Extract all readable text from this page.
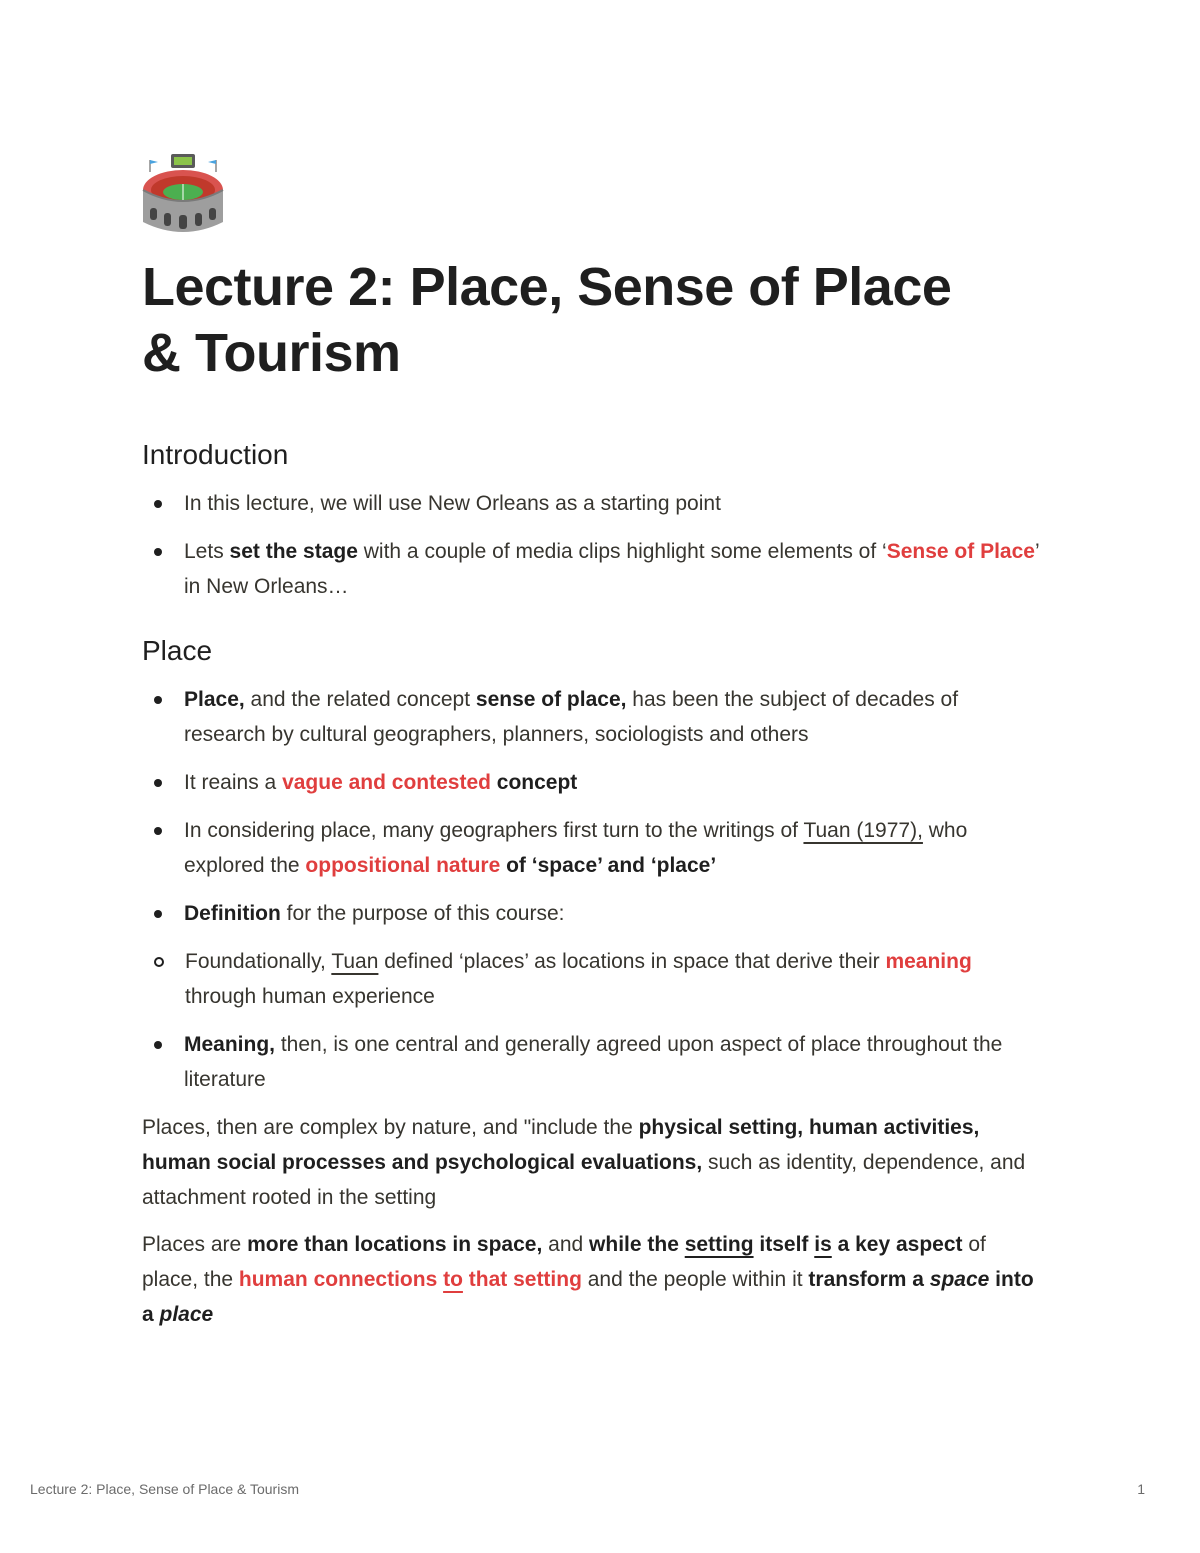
Lecture 2: Place, Sense of Place
& Tourism
Introduction
In this lecture, we will use New Orleans as a starting point
Lets set the stage with a couple of media clips highlight some elements of ‘Sense of Place’ in New Orleans…
Place
Place, and the related concept sense of place, has been the subject of decades of research by cultural geographers, planners, sociologists and others
It reains a vague and contested concept
In considering place, many geographers first turn to the writings of Tuan (1977), who explored the oppositional nature of ‘space’ and ‘place’
Definition for the purpose of this course:
Foundationally, Tuan defined ‘places’ as locations in space that derive their meaning through human experience
Meaning, then, is one central and generally agreed upon aspect of place throughout the literature

Places, then are complex by nature, and "include the physical setting, human activities, human social processes and psychological evaluations, such as identity, dependence, and attachment rooted in the setting

Places are more than locations in space, and while the setting itself is a key aspect of place, the human connections to that setting and the people within it transform a space into a place

Lecture 2: Place, Sense of Place & Tourism	1
